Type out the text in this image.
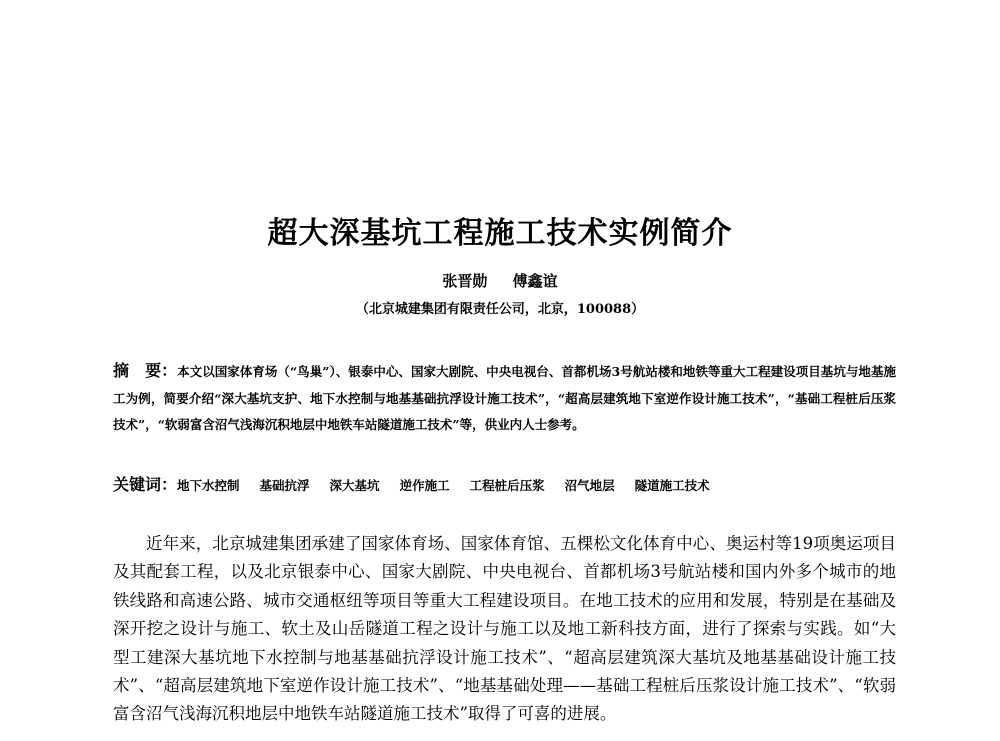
超大深基坑工程施工技术实例简介
张晋勋 傅鑫谊
（北京城建集团有限责任公司，北京，100088）
摘　要：本文以国家体育场（“鸟巢”）、银泰中心、国家大剧院、中央电视台、首都机场3号航站楼和地铁等重大工程建设项目基坑与地基施工为例，简要介绍“深大基坑支护、地下水控制与地基基础抗浮设计施工技术”，“超高层建筑地下室逆作设计施工技术”，“基础工程桩后压浆技术”，“软弱富含沼气浅海沉积地层中地铁车站隧道施工技术”等，供业内人士参考。
关键词：地下水控制 基础抗浮 深大基坑 逆作施工 工程桩后压浆 沼气地层 隧道施工技术
近年来，北京城建集团承建了国家体育场、国家体育馆、五棵松文化体育中心、奥运村等19项奥运项目及其配套工程，以及北京银泰中心、国家大剧院、中央电视台、首都机场3号航站楼和国内外多个城市的地铁线路和高速公路、城市交通枢纽等项目等重大工程建设项目。在地工技术的应用和发展，特别是在基础及深开挖之设计与施工、软土及山岳隧道工程之设计与施工以及地工新科技方面，进行了探索与实践。如“大型工建深大基坑地下水控制与地基基础抗浮设计施工技术”、“超高层建筑深大基坑及地基基础设计施工技术”、“超高层建筑地下室逆作设计施工技术”、“地基基础处理——基础工程桩后压浆设计施工技术”、“软弱富含沼气浅海沉积地层中地铁车站隧道施工技术”取得了可喜的进展。
